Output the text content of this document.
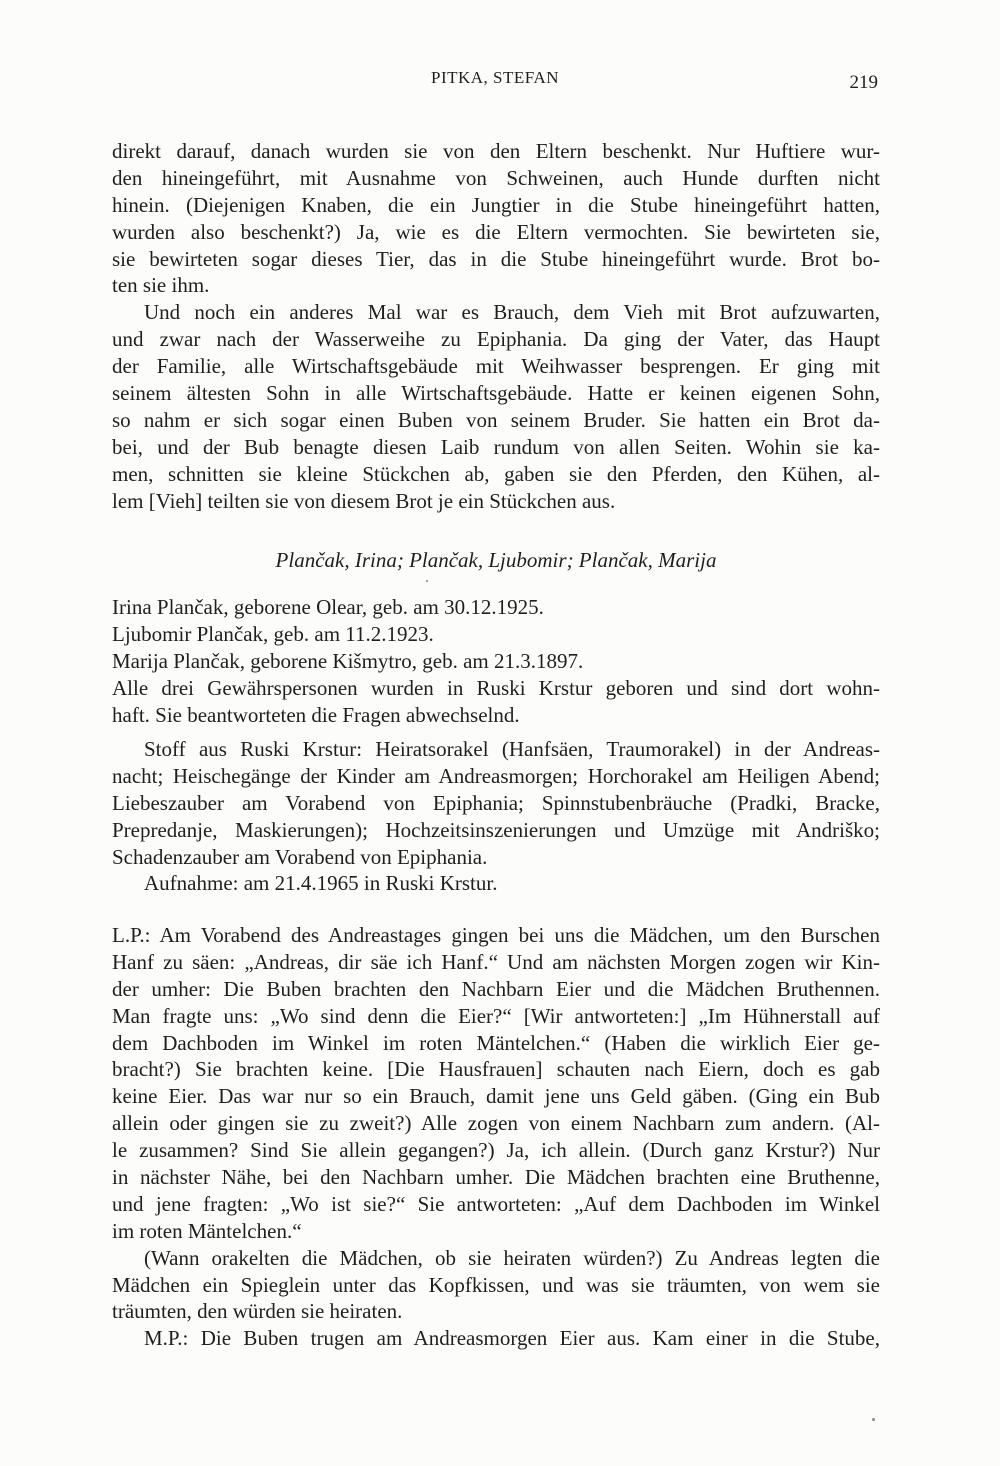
PITKA, STEFAN	219
direkt darauf, danach wurden sie von den Eltern beschenkt. Nur Huftiere wur-
den hineingeführt, mit Ausnahme von Schweinen, auch Hunde durften nicht
hinein. (Diejenigen Knaben, die ein Jungtier in die Stube hineingeführt hatten,
wurden also beschenkt?) Ja, wie es die Eltern vermochten. Sie bewirteten sie,
sie bewirteten sogar dieses Tier, das in die Stube hineingeführt wurde. Brot bo-
ten sie ihm.
Und noch ein anderes Mal war es Brauch, dem Vieh mit Brot aufzuwarten,
und zwar nach der Wasserweihe zu Epiphania. Da ging der Vater, das Haupt
der Familie, alle Wirtschaftsgebäude mit Weihwasser besprengen. Er ging mit
seinem ältesten Sohn in alle Wirtschaftsgebäude. Hatte er keinen eigenen Sohn,
so nahm er sich sogar einen Buben von seinem Bruder. Sie hatten ein Brot da-
bei, und der Bub benagte diesen Laib rundum von allen Seiten. Wohin sie ka-
men, schnitten sie kleine Stückchen ab, gaben sie den Pferden, den Kühen, al-
lem [Vieh] teilten sie von diesem Brot je ein Stückchen aus.
Plančak, Irina; Plančak, Ljubomir; Plančak, Marija
Irina Plančak, geborene Olear, geb. am 30.12.1925.
Ljubomir Plančak, geb. am 11.2.1923.
Marija Plančak, geborene Kišmytro, geb. am 21.3.1897.
Alle drei Gewährspersonen wurden in Ruski Krstur geboren und sind dort wohn-
haft. Sie beantworteten die Fragen abwechselnd.
Stoff aus Ruski Krstur: Heiratsorakel (Hanfsäen, Traumorakel) in der Andreas-
nacht; Heischegänge der Kinder am Andreasmorgen; Horchorakel am Heiligen Abend;
Liebeszauber am Vorabend von Epiphania; Spinnstubenbräuche (Pradki, Bracke,
Prepredanje, Maskierungen); Hochzeitsinszenierungen und Umzüge mit Andriško;
Schadenzauber am Vorabend von Epiphania.
Aufnahme: am 21.4.1965 in Ruski Krstur.
L.P.: Am Vorabend des Andreastages gingen bei uns die Mädchen, um den Burschen
Hanf zu säen: „Andreas, dir säe ich Hanf.“ Und am nächsten Morgen zogen wir Kin-
der umher: Die Buben brachten den Nachbarn Eier und die Mädchen Bruthennen.
Man fragte uns: „Wo sind denn die Eier?“ [Wir antworteten:] „Im Hühnerstall auf
dem Dachboden im Winkel im roten Mäntelchen.“ (Haben die wirklich Eier ge-
bracht?) Sie brachten keine. [Die Hausfrauen] schauten nach Eiern, doch es gab
keine Eier. Das war nur so ein Brauch, damit jene uns Geld gäben. (Ging ein Bub
allein oder gingen sie zu zweit?) Alle zogen von einem Nachbarn zum andern. (Al-
le zusammen? Sind Sie allein gegangen?) Ja, ich allein. (Durch ganz Krstur?) Nur
in nächster Nähe, bei den Nachbarn umher. Die Mädchen brachten eine Bruthenne,
und jene fragten: „Wo ist sie?“ Sie antworteten: „Auf dem Dachboden im Winkel
im roten Mäntelchen.“
(Wann orakelten die Mädchen, ob sie heiraten würden?) Zu Andreas legten die
Mädchen ein Spieglein unter das Kopfkissen, und was sie träumten, von wem sie
träumten, den würden sie heiraten.
M.P.: Die Buben trugen am Andreasmorgen Eier aus. Kam einer in die Stube,
